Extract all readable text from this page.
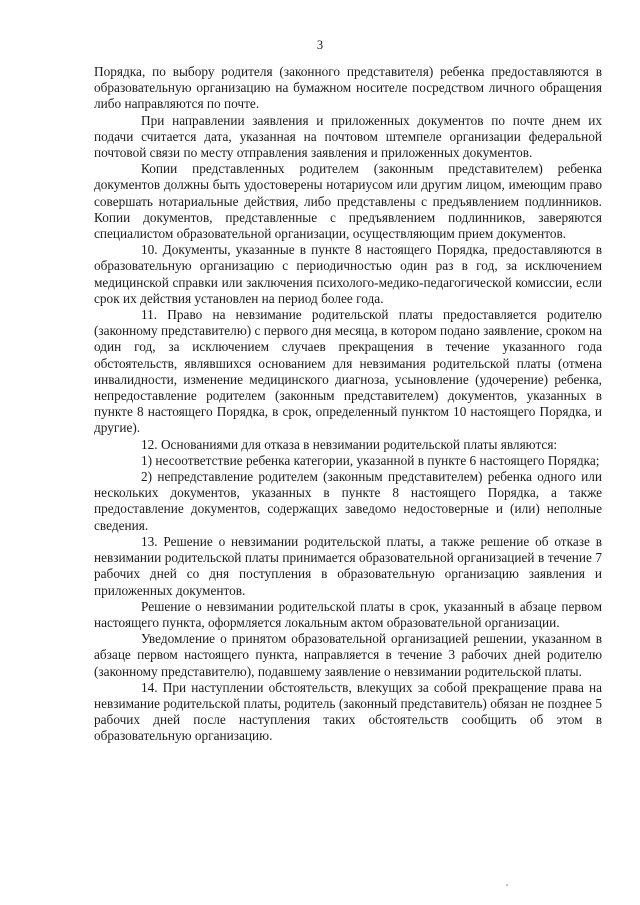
3

Порядка, по выбору родителя (законного представителя) ребенка предоставляются в образовательную организацию на бумажном носителе посредством личного обращения либо направляются по почте.

При направлении заявления и приложенных документов по почте днем их подачи считается дата, указанная на почтовом штемпеле организации федеральной почтовой связи по месту отправления заявления и приложенных документов.

Копии представленных родителем (законным представителем) ребенка документов должны быть удостоверены нотариусом или другим лицом, имеющим право совершать нотариальные действия, либо представлены с предъявлением подлинников. Копии документов, представленные с предъявлением подлинников, заверяются специалистом образовательной организации, осуществляющим прием документов.

10. Документы, указанные в пункте 8 настоящего Порядка, предоставляются в образовательную организацию с периодичностью один раз в год, за исключением медицинской справки или заключения психолого-медико-педагогической комиссии, если срок их действия установлен на период более года.

11. Право на невзимание родительской платы предоставляется родителю (законному представителю) с первого дня месяца, в котором подано заявление, сроком на один год, за исключением случаев прекращения в течение указанного года обстоятельств, являвшихся основанием для невзимания родительской платы (отмена инвалидности, изменение медицинского диагноза, усыновление (удочерение) ребенка, непредоставление родителем (законным представителем) документов, указанных в пункте 8 настоящего Порядка, в срок, определенный пунктом 10 настоящего Порядка, и другие).

12. Основаниями для отказа в невзимании родительской платы являются:

1) несоответствие ребенка категории, указанной в пункте 6 настоящего Порядка;

2) непредставление родителем (законным представителем) ребенка одного или нескольких документов, указанных в пункте 8 настоящего Порядка, а также предоставление документов, содержащих заведомо недостоверные и (или) неполные сведения.

13. Решение о невзимании родительской платы, а также решение об отказе в невзимании родительской платы принимается образовательной организацией в течение 7 рабочих дней со дня поступления в образовательную организацию заявления и приложенных документов.

Решение о невзимании родительской платы в срок, указанный в абзаце первом настоящего пункта, оформляется локальным актом образовательной организации.

Уведомление о принятом образовательной организацией решении, указанном в абзаце первом настоящего пункта, направляется в течение 3 рабочих дней родителю (законному представителю), подавшему заявление о невзимании родительской платы.

14. При наступлении обстоятельств, влекущих за собой прекращение права на невзимание родительской платы, родитель (законный представитель) обязан не позднее 5 рабочих дней после наступления таких обстоятельств сообщить об этом в образовательную организацию.
